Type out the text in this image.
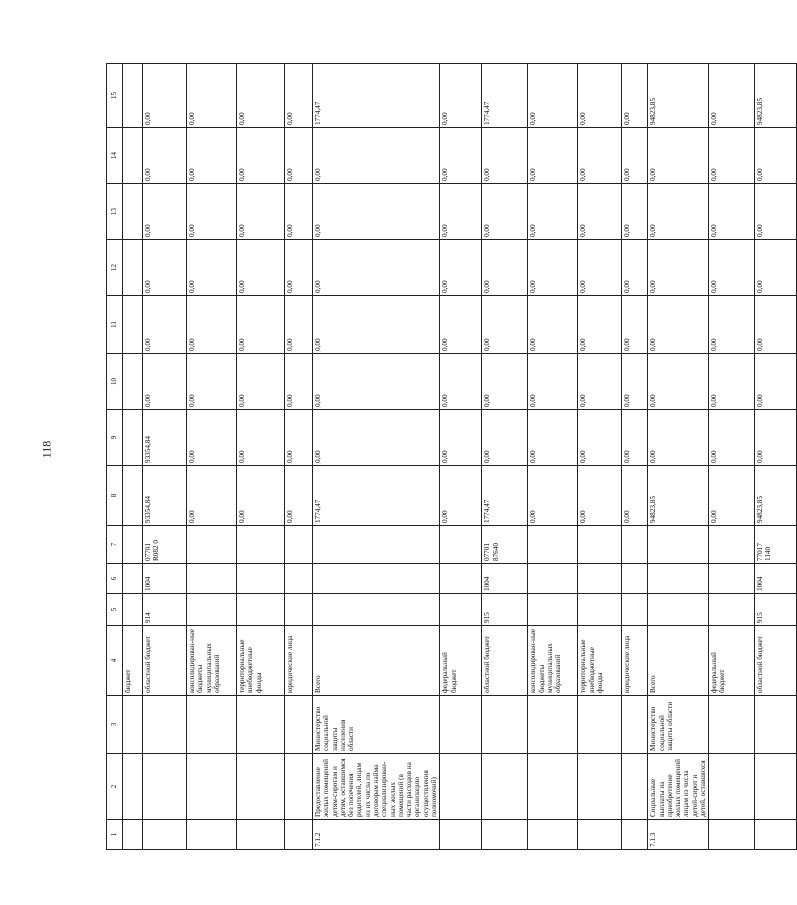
118
1	2	3	4	5	6	7	8	9	10	11	12	13	14	15
			бюджет											
			областной бюджет	914	1004	07701 R082 0	93354,84	93354,84	0,00	0,00	0,00	0,00	0,00	0,00
			консолидирован-ные бюджеты муниципальных образований				0,00	0,00	0,00	0,00	0,00	0,00	0,00	0,00
			территориальные внебюджетные фонды				0,00	0,00	0,00	0,00	0,00	0,00	0,00	0,00
			юридические лица				0,00	0,00	0,00	0,00	0,00	0,00	0,00	0,00
7.1.2	Предоставление жилых помещений детям-сиротам и детям, оставшимся без попечения родителей, лицам из их числа по договорам найма специализирован-ных жилых помещений (в части расходов на организацию осуществления полномочий)	Министерство социальной защиты населения области	Всего				1774,47	0,00	0,00	0,00	0,00	0,00	0,00	1774,47
			федеральный бюджет				0,00	0,00	0,00	0,00	0,00	0,00	0,00	0,00
			областной бюджет	915	1004	07701 87640	1774,47	0,00	0,00	0,00	0,00	0,00	0,00	1774,47
			консолидирован-ные бюджеты муниципальных образований				0,00	0,00	0,00	0,00	0,00	0,00	0,00	0,00
			территориальные внебюджетные фонды				0,00	0,00	0,00	0,00	0,00	0,00	0,00	0,00
			юридические лица				0,00	0,00	0,00	0,00	0,00	0,00	0,00	0,00
7.1.3	Социальные выплаты на приобретение жилых помещений лицам из числа детей-сирот и детей, оставшихся	Министерство социальной защиты области	Всего				94823,85	0,00	0,00	0,00	0,00	0,00	0,00	94823,85
			федеральный бюджет				0,00	0,00	0,00	0,00	0,00	0,00	0,00	0,00
			областной бюджет	915	1004	77017 1140	94823,85	0,00	0,00	0,00	0,00	0,00	0,00	94823,85
